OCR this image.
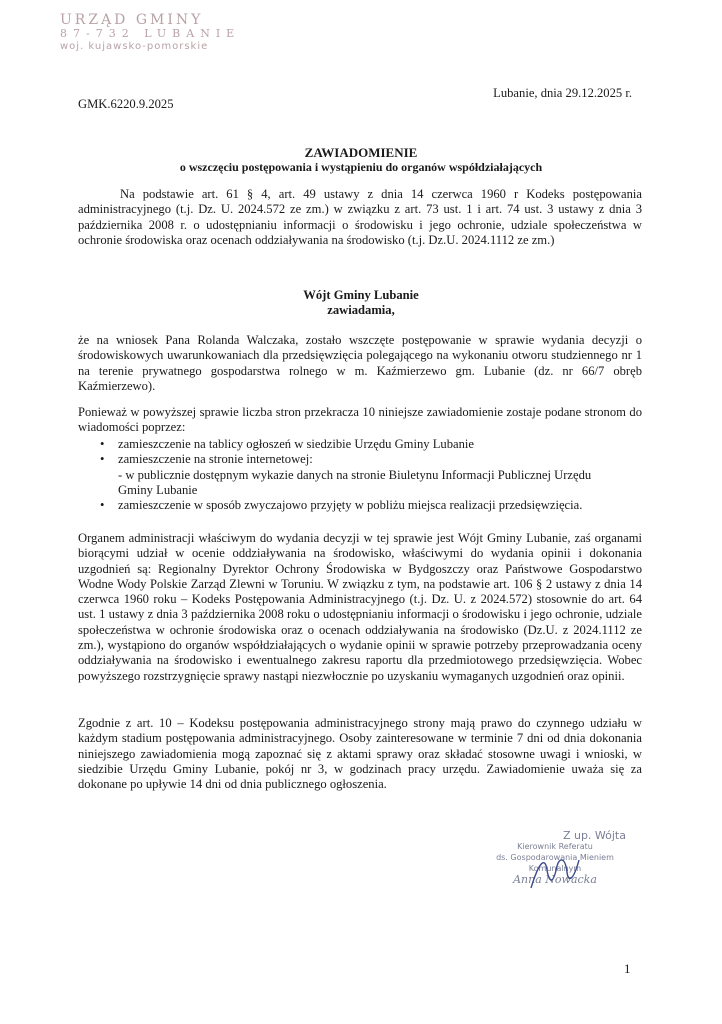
URZĄD GMINY
87-732 LUBANIE
woj. kujawsko-pomorskie
Lubanie, dnia 29.12.2025 r.
GMK.6220.9.2025
ZAWIADOMIENIE
o wszczęciu postępowania i wystąpieniu do organów współdziałających

Na podstawie art. 61 § 4, art. 49 ustawy z dnia 14 czerwca 1960 r Kodeks postępowania administracyjnego (t.j. Dz. U. 2024.572 ze zm.) w związku z art. 73 ust. 1 i art. 74 ust. 3 ustawy z dnia 3 października 2008 r. o udostępnianiu informacji o środowisku i jego ochronie, udziale społeczeństwa w ochronie środowiska oraz ocenach oddziaływania na środowisko (t.j. Dz.U. 2024.1112 ze zm.)

Wójt Gminy Lubanie
zawiadamia,

że na wniosek Pana Rolanda Walczaka, zostało wszczęte postępowanie w sprawie wydania decyzji o środowiskowych uwarunkowaniach dla przedsięwzięcia polegającego na wykonaniu otworu studziennego nr 1 na terenie prywatnego gospodarstwa rolnego w m. Kaźmierzewo gm. Lubanie (dz. nr 66/7 obręb Kaźmierzewo).

Ponieważ w powyższej sprawie liczba stron przekracza 10 niniejsze zawiadomienie zostaje podane stronom do wiadomości poprzez:

• zamieszczenie na tablicy ogłoszeń w siedzibie Urzędu Gminy Lubanie
• zamieszczenie na stronie internetowej:
- w publicznie dostępnym wykazie danych na stronie Biuletynu Informacji Publicznej Urzędu
Gminy Lubanie
• zamieszczenie w sposób zwyczajowo przyjęty w pobliżu miejsca realizacji przedsięwzięcia.

Organem administracji właściwym do wydania decyzji w tej sprawie jest Wójt Gminy Lubanie, zaś organami biorącymi udział w ocenie oddziaływania na środowisko, właściwymi do wydania opinii i dokonania uzgodnień są: Regionalny Dyrektor Ochrony Środowiska w Bydgoszczy oraz Państwowe Gospodarstwo Wodne Wody Polskie Zarząd Zlewni w Toruniu. W związku z tym, na podstawie art. 106 § 2 ustawy z dnia 14 czerwca 1960 roku – Kodeks Postępowania Administracyjnego (t.j. Dz. U. z 2024.572) stosownie do art. 64 ust. 1 ustawy z dnia 3 października 2008 roku o udostępnianiu informacji o środowisku i jego ochronie, udziale społeczeństwa w ochronie środowiska oraz o ocenach oddziaływania na środowisko (Dz.U. z 2024.1112 ze zm.), wystąpiono do organów współdziałających o wydanie opinii w sprawie potrzeby przeprowadzania oceny oddziaływania na środowisko i ewentualnego zakresu raportu dla przedmiotowego przedsięwzięcia. Wobec powyższego rozstrzygnięcie sprawy nastąpi niezwłocznie po uzyskaniu wymaganych uzgodnień oraz opinii.

Zgodnie z art. 10 – Kodeksu postępowania administracyjnego strony mają prawo do czynnego udziału w każdym stadium postępowania administracyjnego. Osoby zainteresowane w terminie 7 dni od dnia dokonania niniejszego zawiadomienia mogą zapoznać się z aktami sprawy oraz składać stosowne uwagi i wnioski, w siedzibie Urzędu Gminy Lubanie, pokój nr 3, w godzinach pracy urzędu. Zawiadomienie uważa się za dokonane po upływie 14 dni od dnia publicznego ogłoszenia.

Z up. Wójta
Kierownik Referatu
ds. Gospodarowania Mieniem Komunalnym
Anna Nowacka
1
